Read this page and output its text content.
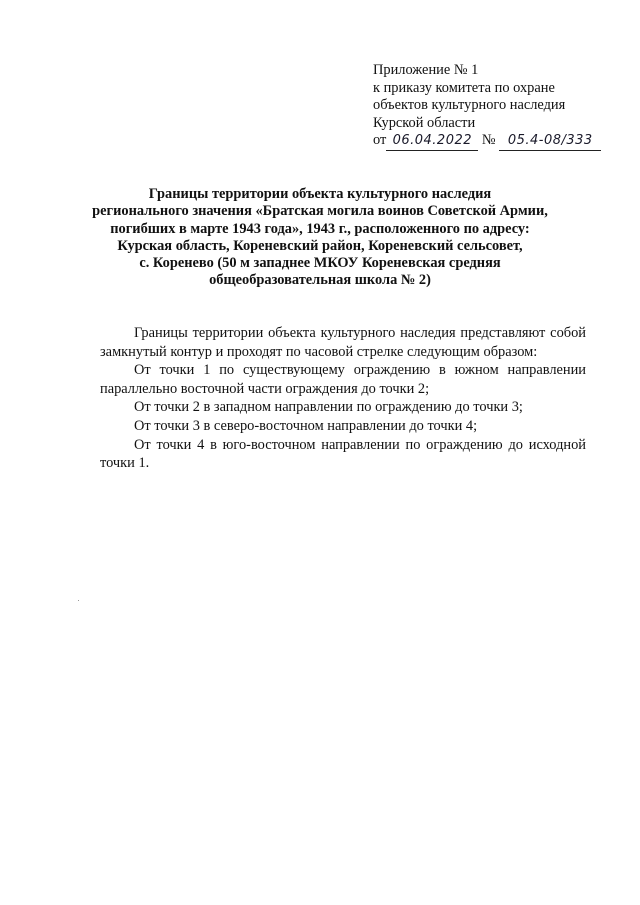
Приложение № 1
к приказу комитета по охране
объектов культурного наследия
Курской области
от 06.04.2022 № 05.4-08/333
Границы территории объекта культурного наследия
регионального значения «Братская могила воинов Советской Армии,
погибших в марте 1943 года», 1943 г., расположенного по адресу:
Курская область, Кореневский район, Кореневский сельсовет,
с. Коренево (50 м западнее МКОУ Кореневская средняя
общеобразовательная школа № 2)

Границы территории объекта культурного наследия представляют собой замкнутый контур и проходят по часовой стрелке следующим образом:

От точки 1 по существующему ограждению в южном направлении параллельно восточной части ограждения до точки 2;

От точки 2 в западном направлении по ограждению до точки 3;

От точки 3 в северо-восточном направлении до точки 4;

От точки 4 в юго-восточном направлении по ограждению до исходной точки 1.
